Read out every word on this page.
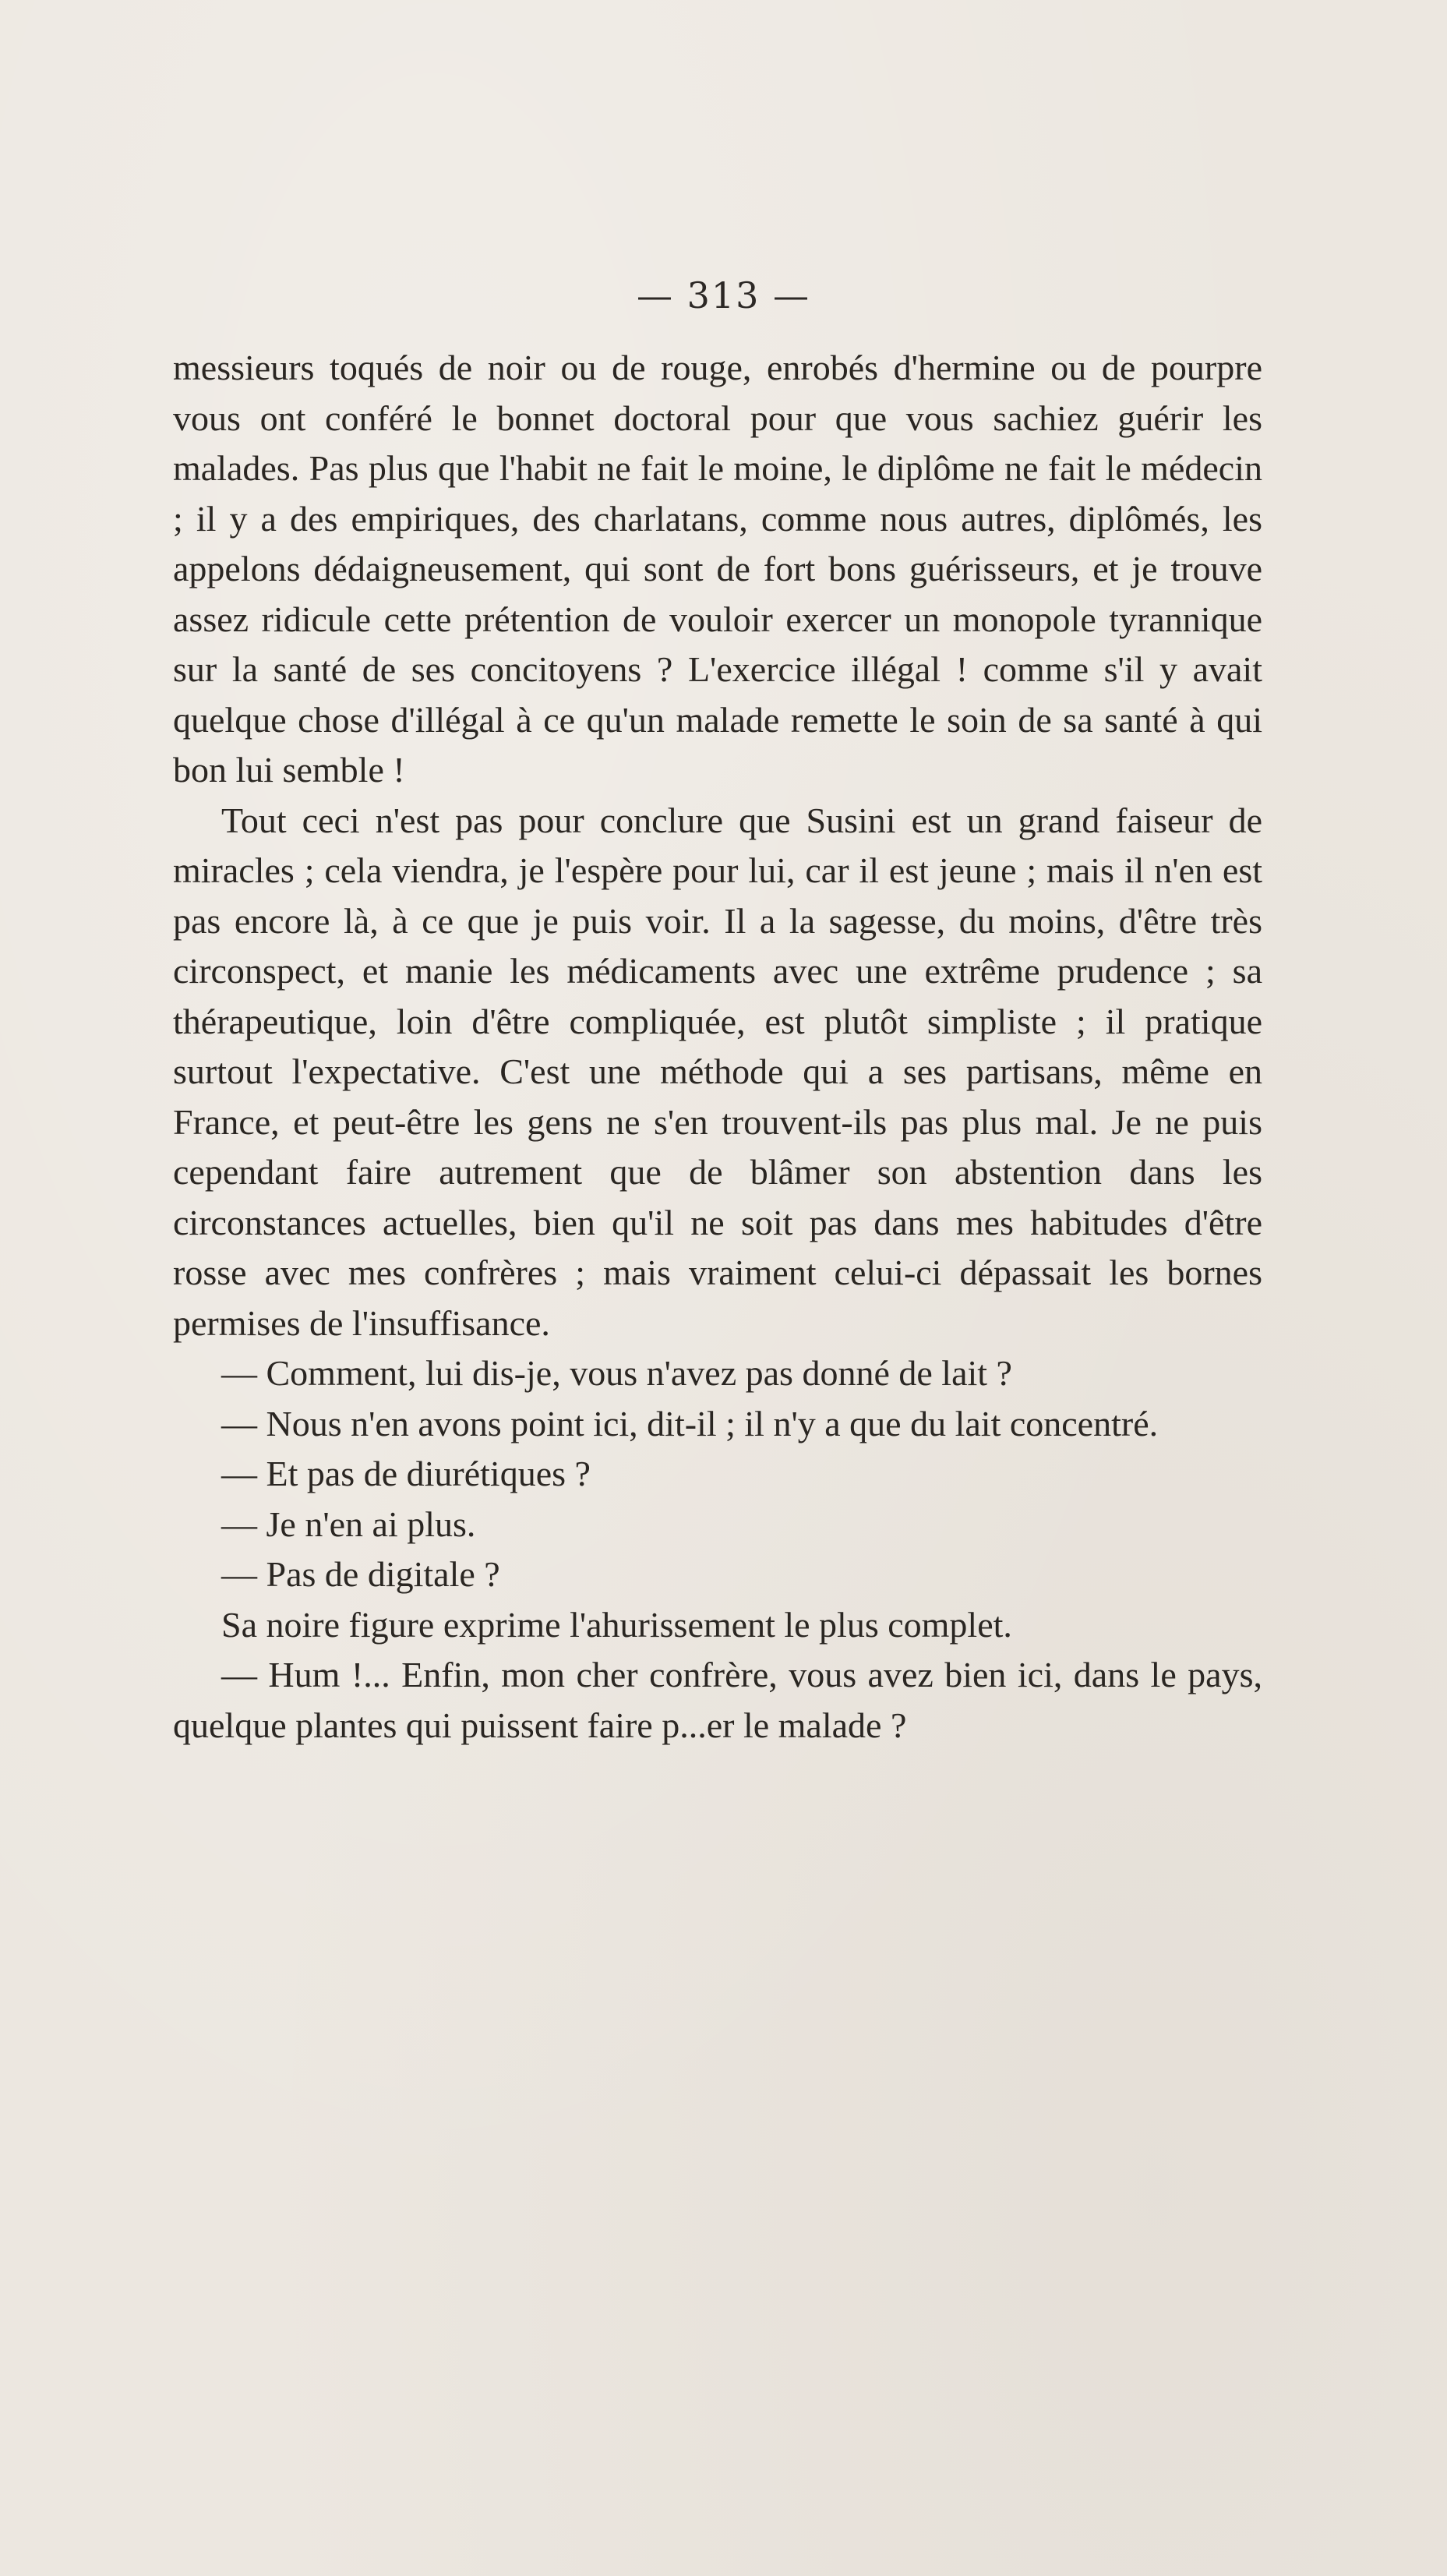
— 313 —

messieurs toqués de noir ou de rouge, enrobés d'hermine ou de pourpre vous ont conféré le bonnet doctoral pour que vous sachiez guérir les malades. Pas plus que l'habit ne fait le moine, le diplôme ne fait le médecin ; il y a des empiriques, des charlatans, comme nous autres, diplômés, les appelons dédaigneusement, qui sont de fort bons guérisseurs, et je trouve assez ridicule cette prétention de vouloir exercer un monopole tyrannique sur la santé de ses concitoyens ? L'exercice illégal ! comme s'il y avait quelque chose d'illégal à ce qu'un malade remette le soin de sa santé à qui bon lui semble !

Tout ceci n'est pas pour conclure que Susini est un grand faiseur de miracles ; cela viendra, je l'espère pour lui, car il est jeune ; mais il n'en est pas encore là, à ce que je puis voir. Il a la sagesse, du moins, d'être très circonspect, et manie les médicaments avec une extrême prudence ; sa thérapeutique, loin d'être compliquée, est plutôt simpliste ; il pratique surtout l'expectative. C'est une méthode qui a ses partisans, même en France, et peut-être les gens ne s'en trouvent-ils pas plus mal. Je ne puis cependant faire autrement que de blâmer son abstention dans les circonstances actuelles, bien qu'il ne soit pas dans mes habitudes d'être rosse avec mes confrères ; mais vraiment celui-ci dépassait les bornes permises de l'insuffisance.

— Comment, lui dis-je, vous n'avez pas donné de lait ?

— Nous n'en avons point ici, dit-il ; il n'y a que du lait concentré.

— Et pas de diurétiques ?

— Je n'en ai plus.

— Pas de digitale ?

Sa noire figure exprime l'ahurissement le plus complet.

— Hum !... Enfin, mon cher confrère, vous avez bien ici, dans le pays, quelque plantes qui puissent faire p...er le malade ?
